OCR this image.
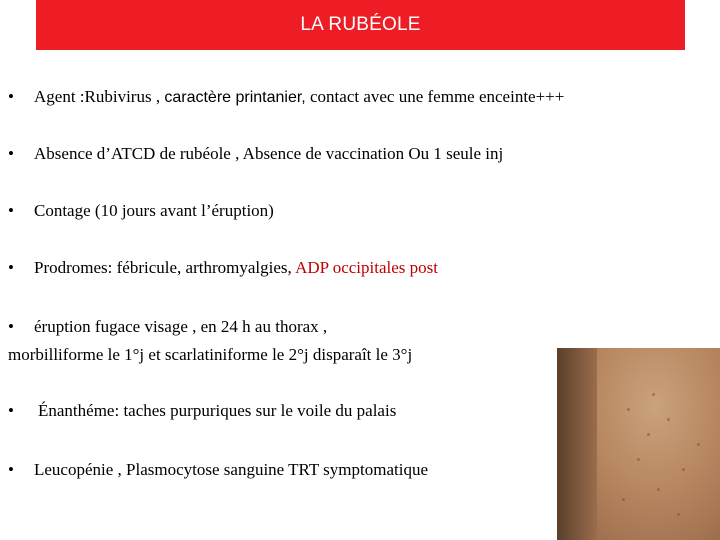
LA RUBÉOLE
• Agent :Rubivirus , caractère printanier, contact avec une femme enceinte+++
• Absence d’ATCD de rubéole , Absence de vaccination Ou 1 seule inj
• Contage (10 jours avant l’éruption)
• Prodromes: fébricule, arthromyalgies, ADP occipitales post
• éruption fugace visage , en 24 h au thorax ,
morbilliforme le 1°j et scarlatiniforme le 2°j disparaît le 3°j
• Énanthéme: taches purpuriques sur le voile du palais
• Leucopénie , Plasmocytose sanguine TRT symptomatique
